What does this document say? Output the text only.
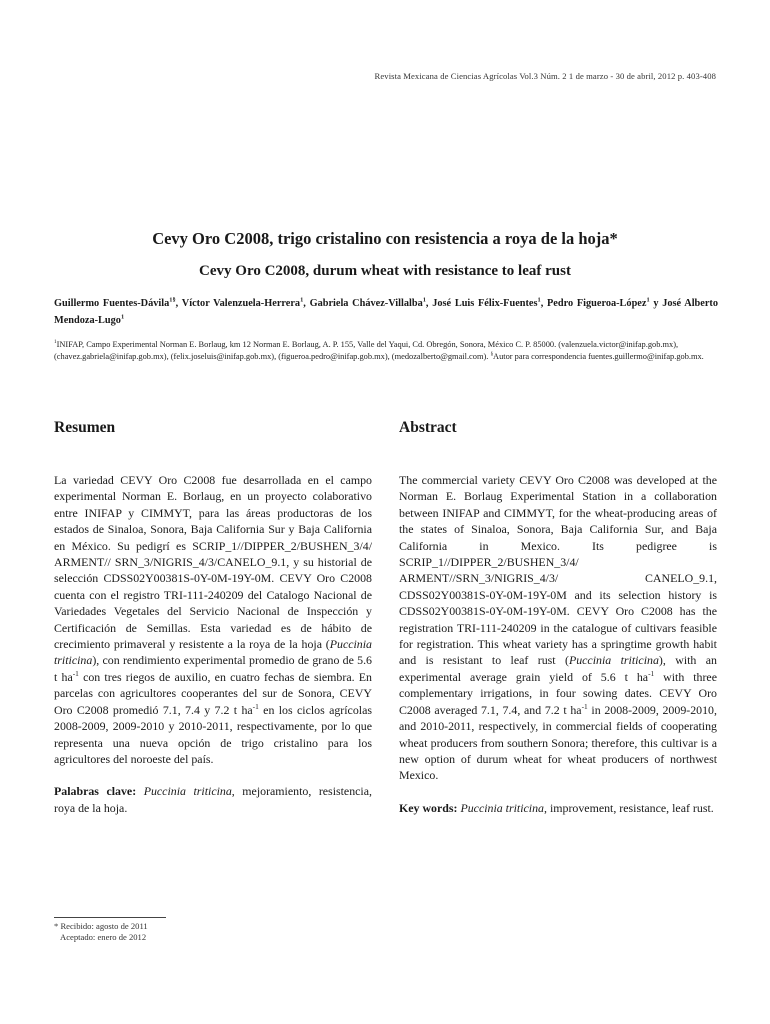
Revista Mexicana de Ciencias Agrícolas Vol.3 Núm. 2 1 de marzo - 30 de abril, 2012 p. 403-408
Cevy Oro C2008, trigo cristalino con resistencia a roya de la hoja*
Cevy Oro C2008, durum wheat with resistance to leaf rust
Guillermo Fuentes-Dávila$^{1\S}$, Víctor Valenzuela-Herrera$^1$, Gabriela Chávez-Villalba$^1$, José Luis Félix-Fuentes$^1$, Pedro Figueroa-López$^1$ y José Alberto Mendoza-Lugo$^1$
$^1$INIFAP, Campo Experimental Norman E. Borlaug, km 12 Norman E. Borlaug, A. P. 155, Valle del Yaqui, Cd. Obregón, Sonora, México C. P. 85000. (valenzuela.victor@inifap.gob.mx), (chavez.gabriela@inifap.gob.mx), (felix.joseluis@inifap.gob.mx), (figueroa.pedro@inifap.gob.mx), (medozalberto@gmail.com). §Autor para correspondencia fuentes.guillermo@inifap.gob.mx.
Resumen	Abstract
La variedad CEVY Oro C2008 fue desarrollada en el campo experimental Norman E. Borlaug, en un proyecto colaborativo entre INIFAP y CIMMYT, para las áreas productoras de los estados de Sinaloa, Sonora, Baja California Sur y Baja California en México. Su pedigrí es SCRIP_1//DIPPER_2/BUSHEN_3/4/ ARMENT// SRN_3/NIGRIS_4/3/CANELO_9.1, y su historial de selección CDSS02Y00381S-0Y-0M-19Y-0M. CEVY Oro C2008 cuenta con el registro TRI-111-240209 del Catalogo Nacional de Variedades Vegetales del Servicio Nacional de Inspección y Certificación de Semillas. Esta variedad es de hábito de crecimiento primaveral y resistente a la roya de la hoja (Puccinia triticina), con rendimiento experimental promedio de grano de 5.6 t $ha^{-1}$ con tres riegos de auxilio, en cuatro fechas de siembra. En parcelas con agricultores cooperantes del sur de Sonora, CEVY Oro C2008 promedió 7.1, 7.4 y 7.2 t $ha^{-1}$ en los ciclos agrícolas 2008-2009, 2009-2010 y 2010-2011, respectivamente, por lo que representa una nueva opción de trigo cristalino para los agricultores del noroeste del país.
Palabras clave: Puccinia triticina, mejoramiento, resistencia, roya de la hoja.
The commercial variety CEVY Oro C2008 was developed at the Norman E. Borlaug Experimental Station in a collaboration between INIFAP and CIMMYT, for the wheat-producing areas of the states of Sinaloa, Sonora, Baja California Sur, and Baja California in Mexico. Its pedigree is SCRIP_1//DIPPER_2/BUSHEN_3/4/ ARMENT//SRN_3/NIGRIS_4/3/ CANELO_9.1, CDSS02Y00381S-0Y-0M-19Y-0M and its selection history is CDSS02Y00381S-0Y-0M-19Y-0M. CEVY Oro C2008 has the registration TRI-111-240209 in the catalogue of cultivars feasible for registration. This wheat variety has a springtime growth habit and is resistant to leaf rust (Puccinia triticina), with an experimental average grain yield of 5.6 t $ha^{-1}$ with three complementary irrigations, in four sowing dates. CEVY Oro C2008 averaged 7.1, 7.4, and 7.2 t $ha^{-1}$ in 2008-2009, 2009-2010, and 2010-2011, respectively, in commercial fields of cooperating wheat producers from southern Sonora; therefore, this cultivar is a new option of durum wheat for wheat producers of northwest Mexico.
Key words: Puccinia triticina, improvement, resistance, leaf rust.
* Recibido: agosto de 2011
Aceptado: enero de 2012
